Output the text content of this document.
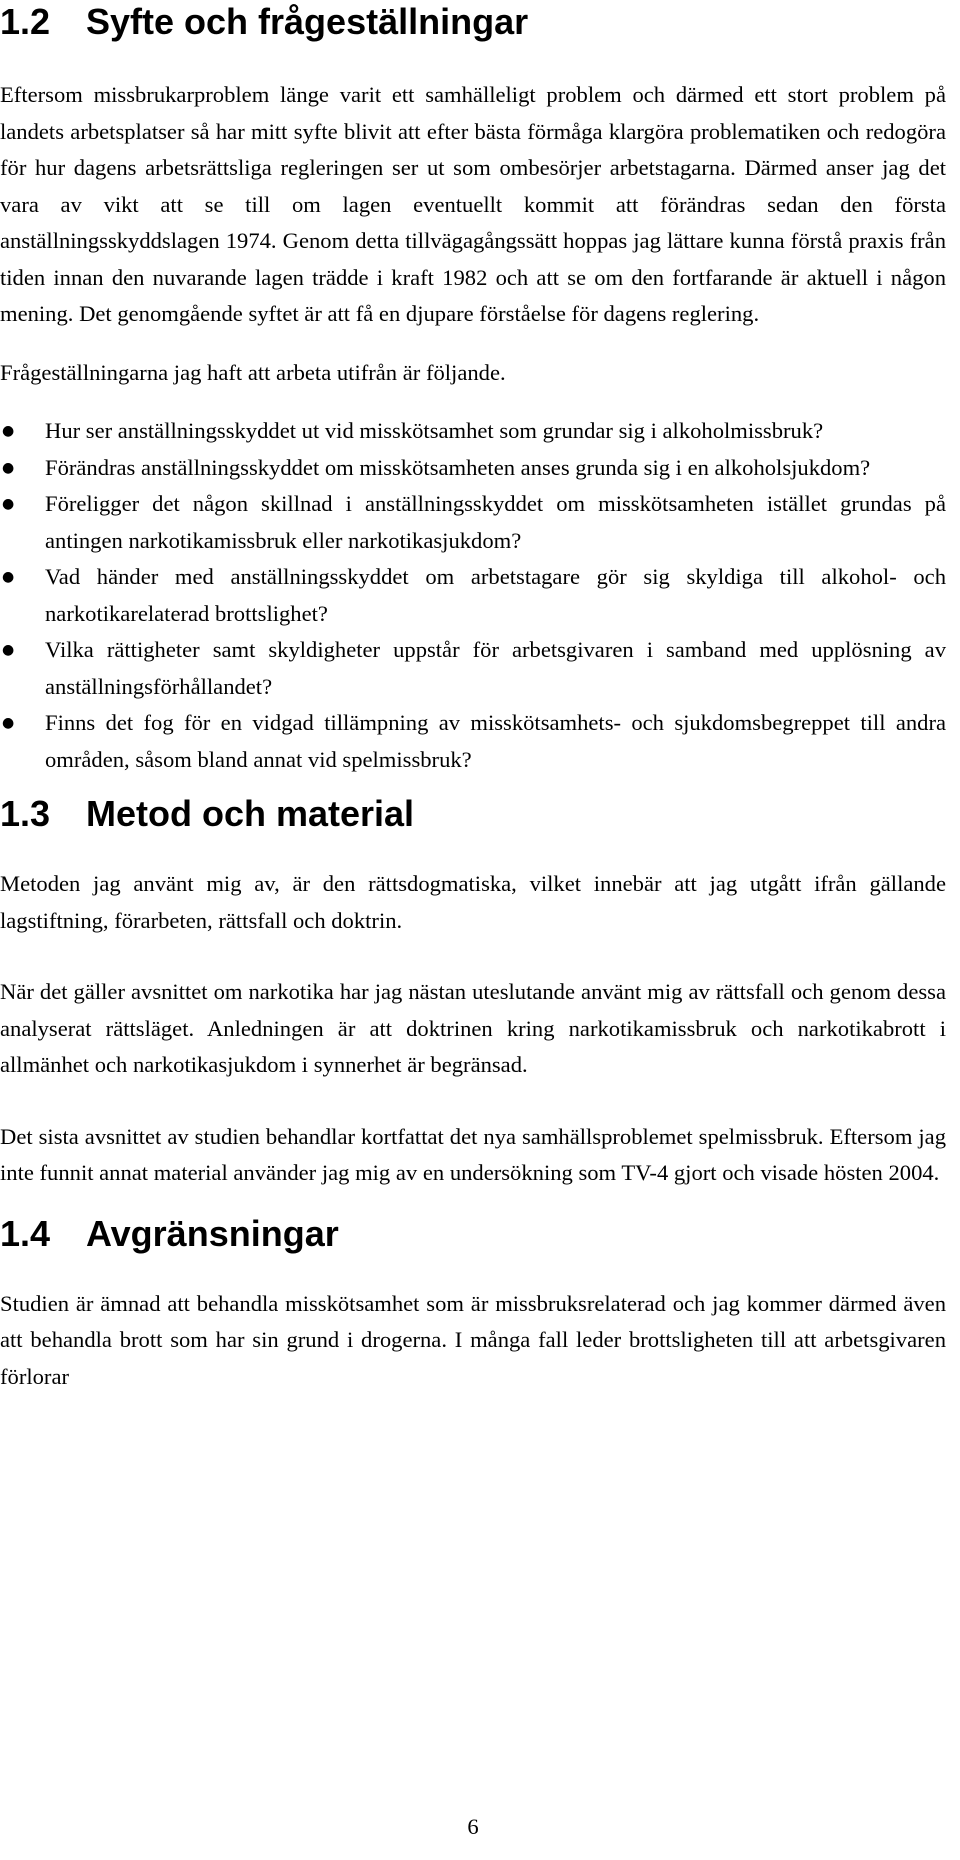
1.2 Syfte och frågeställningar

Eftersom missbrukarproblem länge varit ett samhälleligt problem och därmed ett stort problem på landets arbetsplatser så har mitt syfte blivit att efter bästa förmåga klargöra problematiken och redogöra för hur dagens arbetsrättsliga regleringen ser ut som ombesörjer arbetstagarna. Därmed anser jag det vara av vikt att se till om lagen eventuellt kommit att förändras sedan den första anställningsskyddslagen 1974. Genom detta tillvägagångssätt hoppas jag lättare kunna förstå praxis från tiden innan den nuvarande lagen trädde i kraft 1982 och att se om den fortfarande är aktuell i någon mening. Det genomgående syftet är att få en djupare förståelse för dagens reglering.

Frågeställningarna jag haft att arbeta utifrån är följande.

● Hur ser anställningsskyddet ut vid misskötsamhet som grundar sig i alkoholmissbruk?
● Förändras anställningsskyddet om misskötsamheten anses grunda sig i en alkoholsjukdom?
● Föreligger det någon skillnad i anställningsskyddet om misskötsamheten istället grundas på antingen narkotikamissbruk eller narkotikasjukdom?
● Vad händer med anställningsskyddet om arbetstagare gör sig skyldiga till alkohol- och narkotikarelaterad brottslighet?
● Vilka rättigheter samt skyldigheter uppstår för arbetsgivaren i samband med upplösning av anställningsförhållandet?
● Finns det fog för en vidgad tillämpning av misskötsamhets- och sjukdomsbegreppet till andra områden, såsom bland annat vid spelmissbruk?
1.3 Metod och material

Metoden jag använt mig av, är den rättsdogmatiska, vilket innebär att jag utgått ifrån gällande lagstiftning, förarbeten, rättsfall och doktrin.

När det gäller avsnittet om narkotika har jag nästan uteslutande använt mig av rättsfall och genom dessa analyserat rättsläget. Anledningen är att doktrinen kring narkotikamissbruk och narkotikabrott i allmänhet och narkotikasjukdom i synnerhet är begränsad.

Det sista avsnittet av studien behandlar kortfattat det nya samhällsproblemet spelmissbruk. Eftersom jag inte funnit annat material använder jag mig av en undersökning som TV-4 gjort och visade hösten 2004.

1.4 Avgränsningar

Studien är ämnad att behandla misskötsamhet som är missbruksrelaterad och jag kommer därmed även att behandla brott som har sin grund i drogerna. I många fall leder brottsligheten till att arbetsgivaren förlorar

6
